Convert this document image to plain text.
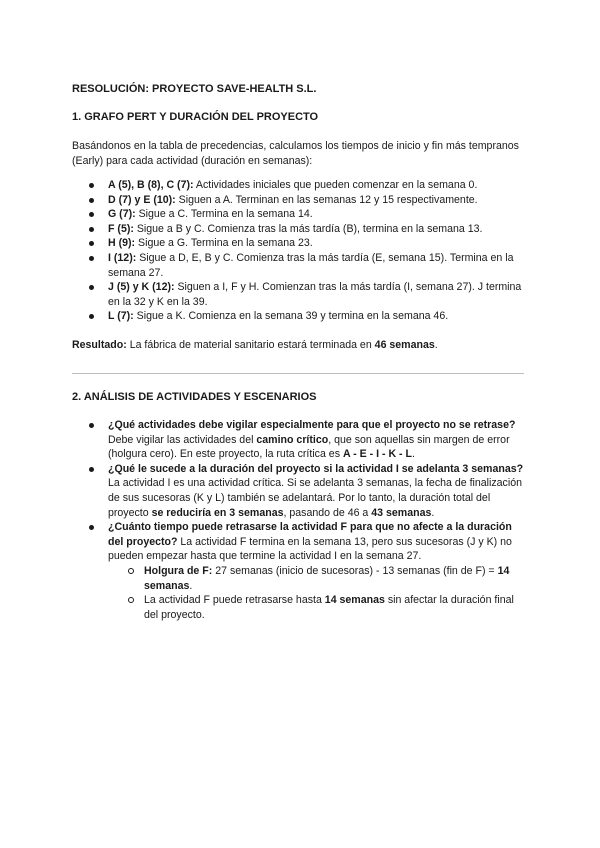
RESOLUCIÓN: PROYECTO SAVE-HEALTH S.L.
1. GRAFO PERT Y DURACIÓN DEL PROYECTO
Basándonos en la tabla de precedencias, calculamos los tiempos de inicio y fin más tempranos (Early) para cada actividad (duración en semanas):
A (5), B (8), C (7): Actividades iniciales que pueden comenzar en la semana 0.
D (7) y E (10): Siguen a A. Terminan en las semanas 12 y 15 respectivamente.
G (7): Sigue a C. Termina en la semana 14.
F (5): Sigue a B y C. Comienza tras la más tardía (B), termina en la semana 13.
H (9): Sigue a G. Termina en la semana 23.
I (12): Sigue a D, E, B y C. Comienza tras la más tardía (E, semana 15). Termina en la semana 27.
J (5) y K (12): Siguen a I, F y H. Comienzan tras la más tardía (I, semana 27). J termina en la 32 y K en la 39.
L (7): Sigue a K. Comienza en la semana 39 y termina en la semana 46.
Resultado: La fábrica de material sanitario estará terminada en 46 semanas.
2. ANÁLISIS DE ACTIVIDADES Y ESCENARIOS
¿Qué actividades debe vigilar especialmente para que el proyecto no se retrase? Debe vigilar las actividades del camino crítico, que son aquellas sin margen de error (holgura cero). En este proyecto, la ruta crítica es A - E - I - K - L.
¿Qué le sucede a la duración del proyecto si la actividad I se adelanta 3 semanas? La actividad I es una actividad crítica. Si se adelanta 3 semanas, la fecha de finalización de sus sucesoras (K y L) también se adelantará. Por lo tanto, la duración total del proyecto se reduciría en 3 semanas, pasando de 46 a 43 semanas.
¿Cuánto tiempo puede retrasarse la actividad F para que no afecte a la duración del proyecto? La actividad F termina en la semana 13, pero sus sucesoras (J y K) no pueden empezar hasta que termine la actividad I en la semana 27.
Holgura de F: 27 semanas (inicio de sucesoras) - 13 semanas (fin de F) = 14 semanas.
La actividad F puede retrasarse hasta 14 semanas sin afectar la duración final del proyecto.
